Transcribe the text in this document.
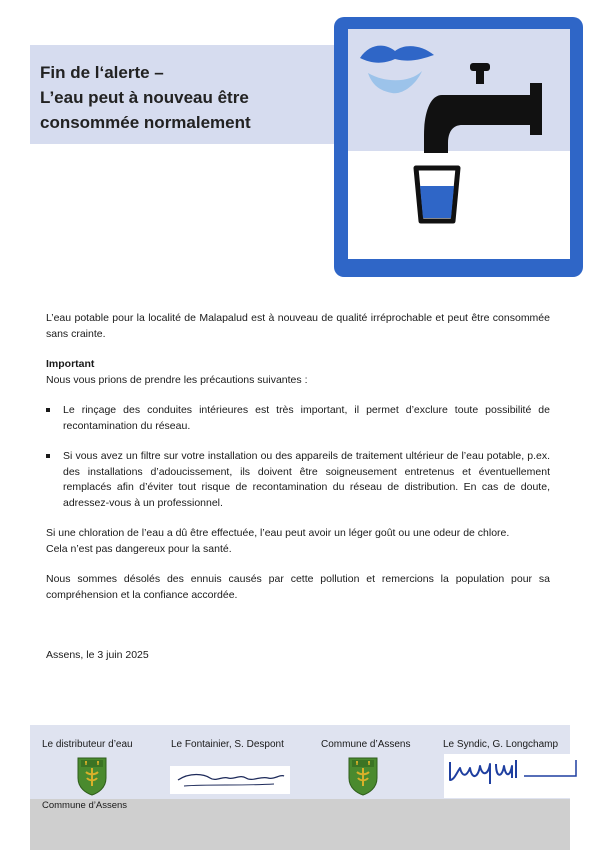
Fin de l‘alerte –
L’eau peut à nouveau être
consommée normalement

L’eau potable pour la localité de Malapalud est à nouveau de qualité irréprochable et peut être consommée sans crainte.

Important

Nous vous prions de prendre les précautions suivantes :

Le rinçage des conduites intérieures est très important, il permet d’exclure toute possibilité de recontamination du réseau.
Si vous avez un filtre sur votre installation ou des appareils de traitement ultérieur de l’eau potable, p.ex. des installations d’adoucissement, ils doivent être soigneusement entretenus et éventuellement remplacés afin d’éviter tout risque de recontamination du réseau de distribution. En cas de doute, adressez-vous à un professionnel.

Si une chloration de l’eau a dû être effectuée, l’eau peut avoir un léger goût ou une odeur de chlore.

Cela n’est pas dangereux pour la santé.

Nous sommes désolés des ennuis causés par cette pollution et remercions la population pour sa compréhension et la confiance accordée.

Assens, le 3 juin 2025
Le distributeur d’eau	Le Fontainier, S. Despont	Commune d’Assens	Le Syndic, G. Longchamp
Commune d’Assens
